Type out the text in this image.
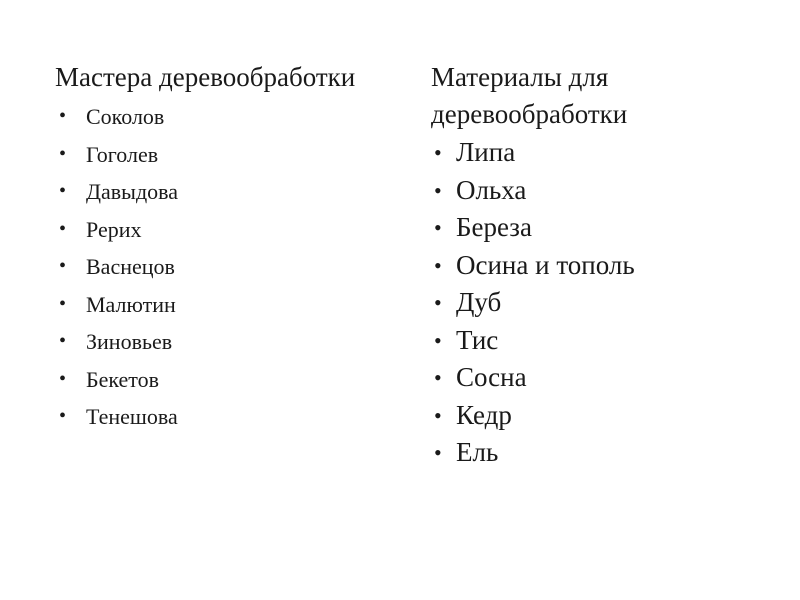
Мастера деревообработки
• Соколов
• Гоголев
• Давыдова
• Рерих
• Васнецов
• Малютин
• Зиновьев
• Бекетов
• Тенешова
Материалы для
деревообработки
• Липа
• Ольха
• Береза
• Осина и тополь
• Дуб
• Тис
• Сосна
• Кедр
• Ель
